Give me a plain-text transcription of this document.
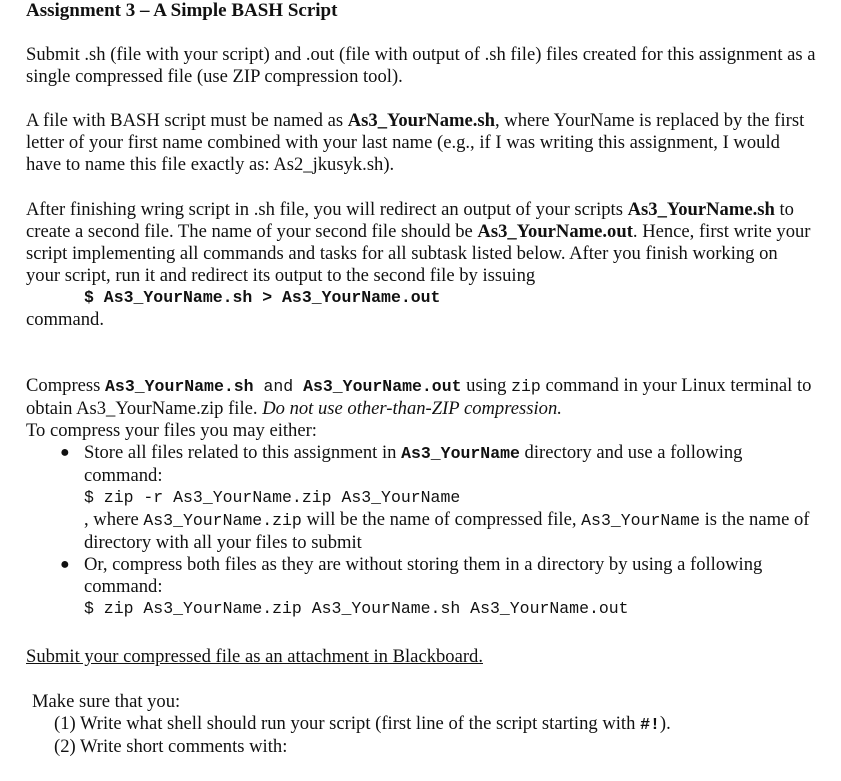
Assignment 3 – A Simple BASH Script

Submit .sh (file with your script) and .out (file with output of .sh file) files created for this assignment as a single compressed file (use ZIP compression tool).

A file with BASH script must be named as As3_YourName.sh, where YourName is replaced by the first letter of your first name combined with your last name (e.g., if I was writing this assignment, I would have to name this file exactly as: As2_jkusyk.sh).

After finishing wring script in .sh file, you will redirect an output of your scripts As3_YourName.sh to create a second file. The name of your second file should be As3_YourName.out. Hence, first write your script implementing all commands and tasks for all subtask listed below. After you finish working on your script, run it and redirect its output to the second file by issuing

$ As3_YourName.sh > As3_YourName.out

command.

Compress As3_YourName.sh and As3_YourName.out using zip command in your Linux terminal to obtain As3_YourName.zip file. Do not use other-than-ZIP compression.

To compress your files you may either:

● Store all files related to this assignment in As3_YourName directory and use a following command:
$ zip -r As3_YourName.zip As3_YourName
, where As3_YourName.zip will be the name of compressed file, As3_YourName is the name of directory with all your files to submit
● Or, compress both files as they are without storing them in a directory by using a following command:
$ zip As3_YourName.zip As3_YourName.sh As3_YourName.out

Submit your compressed file as an attachment in Blackboard.

Make sure that you:

(1) Write what shell should run your script (first line of the script starting with #!).

(2) Write short comments with:
